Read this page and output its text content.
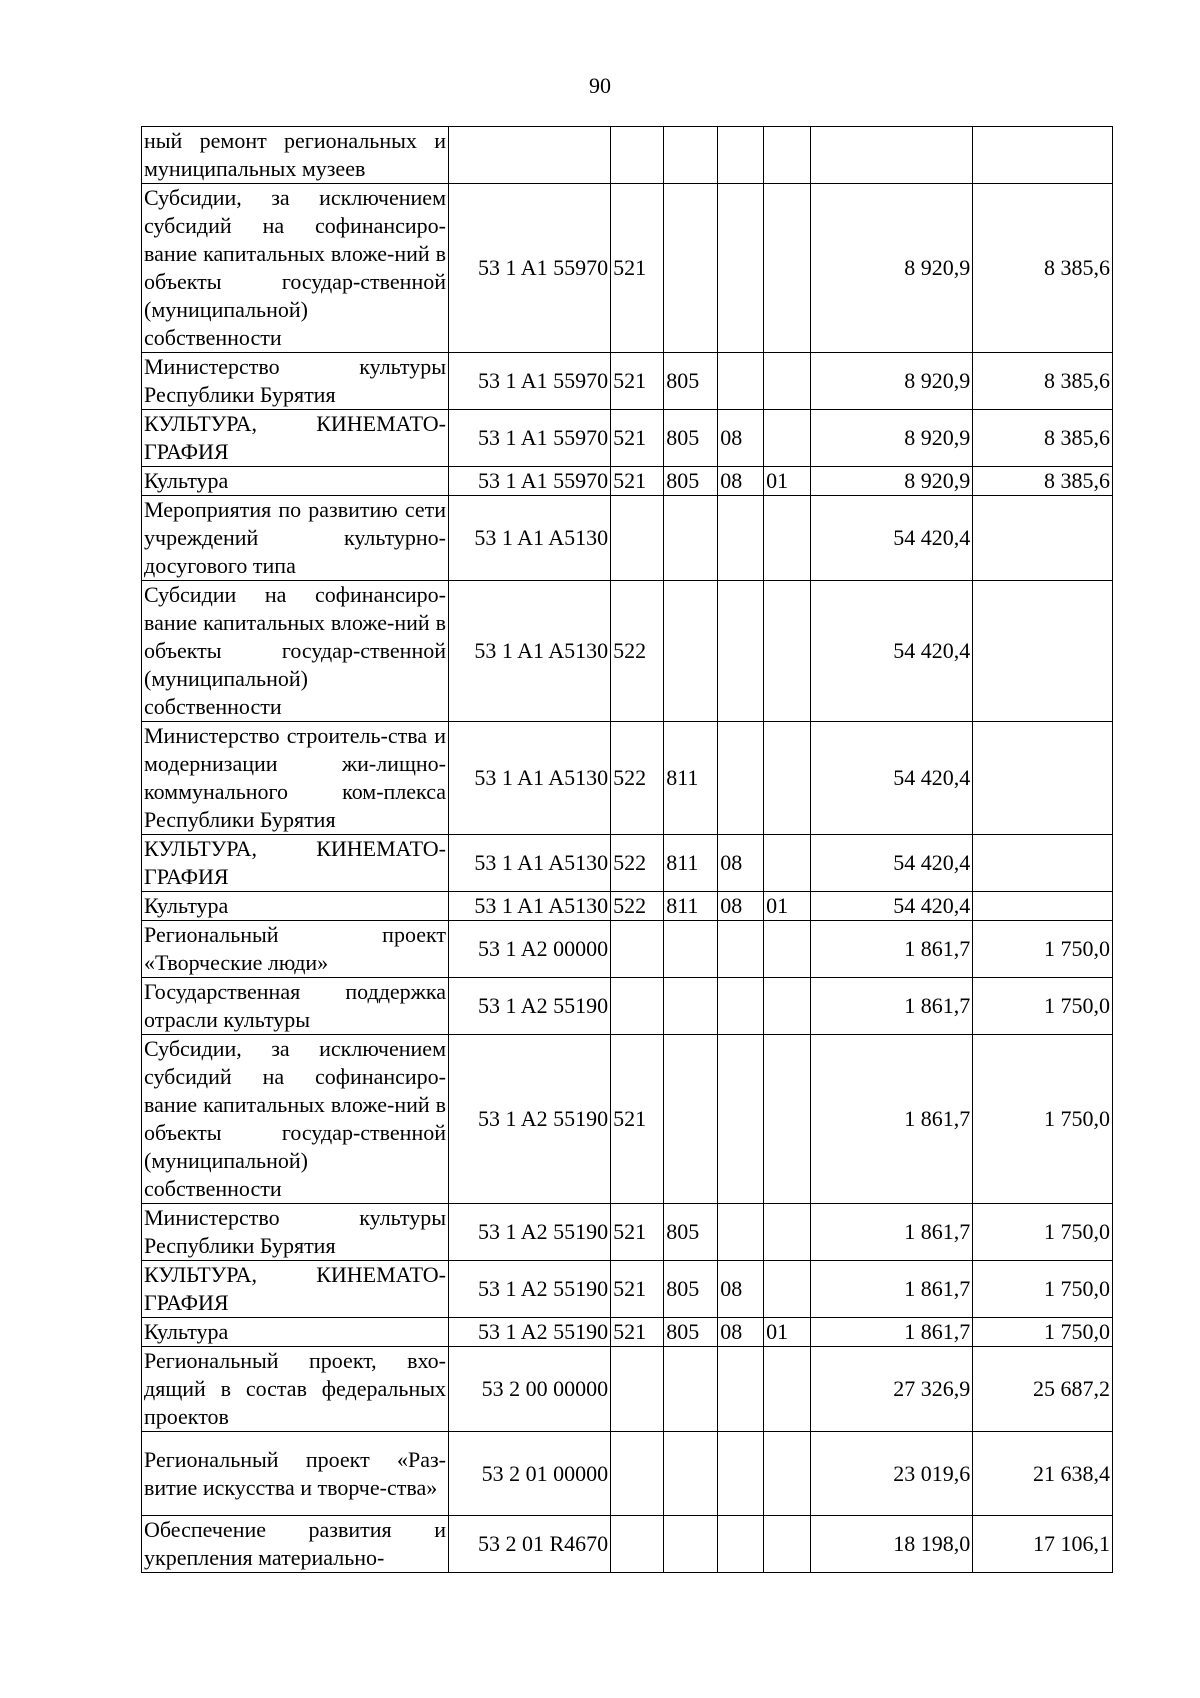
90
ный ремонт региональных и муниципальных музеев							
Субсидии, за исключением субсидий на софинансиро-вание капитальных вложе-ний в объекты государ-ственной (муниципальной) собственности	53 1 A1 55970	521				8 920,9	8 385,6
Министерство культуры Республики Бурятия	53 1 A1 55970	521	805			8 920,9	8 385,6
КУЛЬТУРА, КИНЕМАТО-ГРАФИЯ	53 1 A1 55970	521	805	08		8 920,9	8 385,6
Культура	53 1 A1 55970	521	805	08	01	8 920,9	8 385,6
Мероприятия по развитию сети учреждений культурно-досугового типа	53 1 A1 A5130					54 420,4	
Субсидии на софинансиро-вание капитальных вложе-ний в объекты государ-ственной (муниципальной) собственности	53 1 A1 A5130	522				54 420,4	
Министерство строитель-ства и модернизации жи-лищно-коммунального ком-плекса Республики Бурятия	53 1 A1 A5130	522	811			54 420,4	
КУЛЬТУРА, КИНЕМАТО-ГРАФИЯ	53 1 A1 A5130	522	811	08		54 420,4	
Культура	53 1 A1 A5130	522	811	08	01	54 420,4	
Региональный проект «Творческие люди»	53 1 A2 00000					1 861,7	1 750,0
Государственная поддержка отрасли культуры	53 1 A2 55190					1 861,7	1 750,0
Субсидии, за исключением субсидий на софинансиро-вание капитальных вложе-ний в объекты государ-ственной (муниципальной) собственности	53 1 A2 55190	521				1 861,7	1 750,0
Министерство культуры Республики Бурятия	53 1 A2 55190	521	805			1 861,7	1 750,0
КУЛЬТУРА, КИНЕМАТО-ГРАФИЯ	53 1 A2 55190	521	805	08		1 861,7	1 750,0
Культура	53 1 A2 55190	521	805	08	01	1 861,7	1 750,0
Региональный проект, вхо-дящий в состав федеральных проектов	53 2 00 00000					27 326,9	25 687,2
Региональный проект «Раз-витие искусства и творче-ства»	53 2 01 00000					23 019,6	21 638,4
Обеспечение развития и укрепления материально-	53 2 01 R4670					18 198,0	17 106,1
